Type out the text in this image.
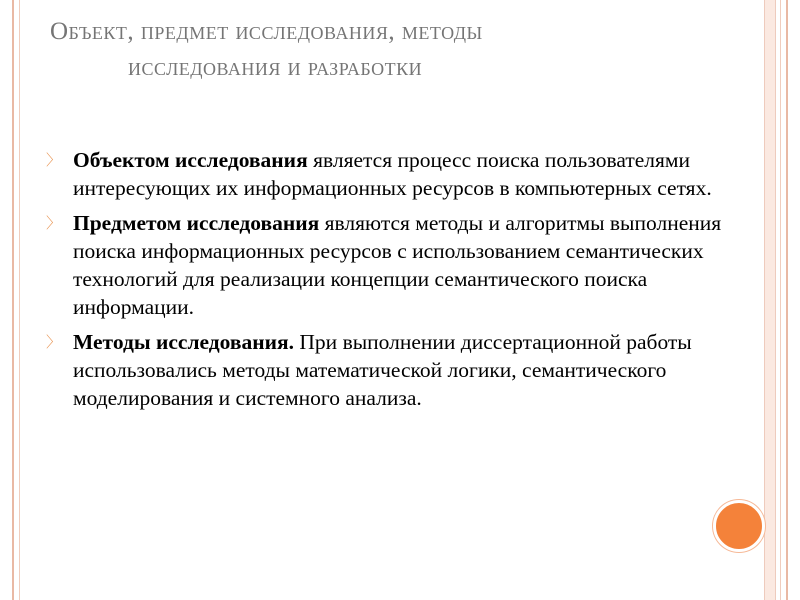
Объект, предмет исследования, методы
исследования и разработки
〉 Объектом исследования является процесс поиска пользователями интересующих их информационных ресурсов в компьютерных сетях.
〉 Предметом исследования являются методы и алгоритмы выполнения поиска информационных ресурсов с использованием семантических технологий для реализации концепции семантического поиска информации.
〉 Методы исследования. При выполнении диссертационной работы использовались методы математической логики, семантического моделирования и системного анализа.
